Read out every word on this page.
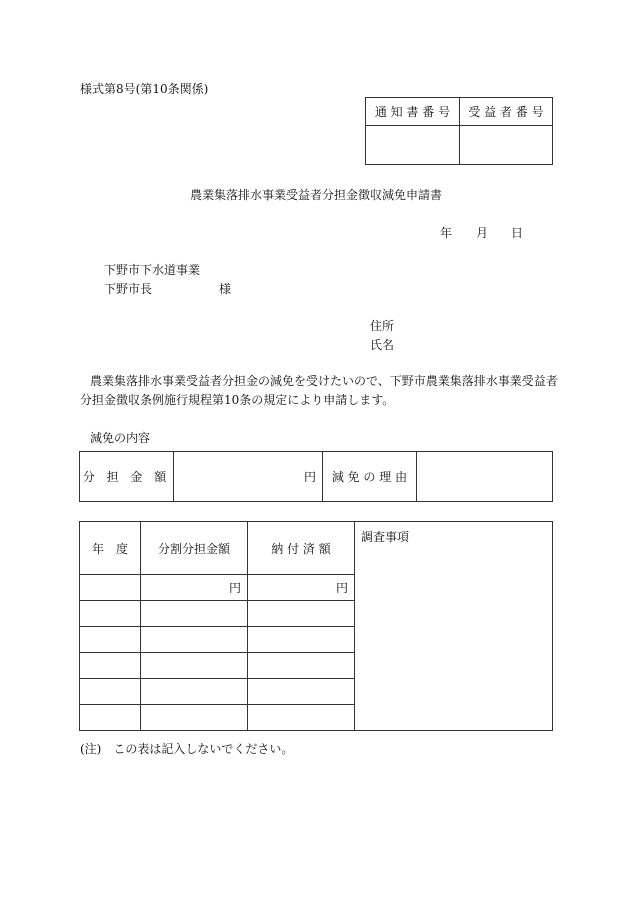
様式第8号(第10条関係)
通 知 書 番 号	受 益 者 番 号

農業集落排水事業受益者分担金徴収減免申請書
年 月 日
下野市下水道事業
下野市長	様
住所
氏名
農業集落排水事業受益者分担金の減免を受けたいので、下野市農業集落排水事業受益者
分担金徴収条例施行規程第10条の規定により申請します。
減免の内容
分 担 金 額	円	減 免 の 理 由	
年　度	分割分担金額	納 付 済 額	調査事項
	円	円	

(注)　この表は記入しないでください。
